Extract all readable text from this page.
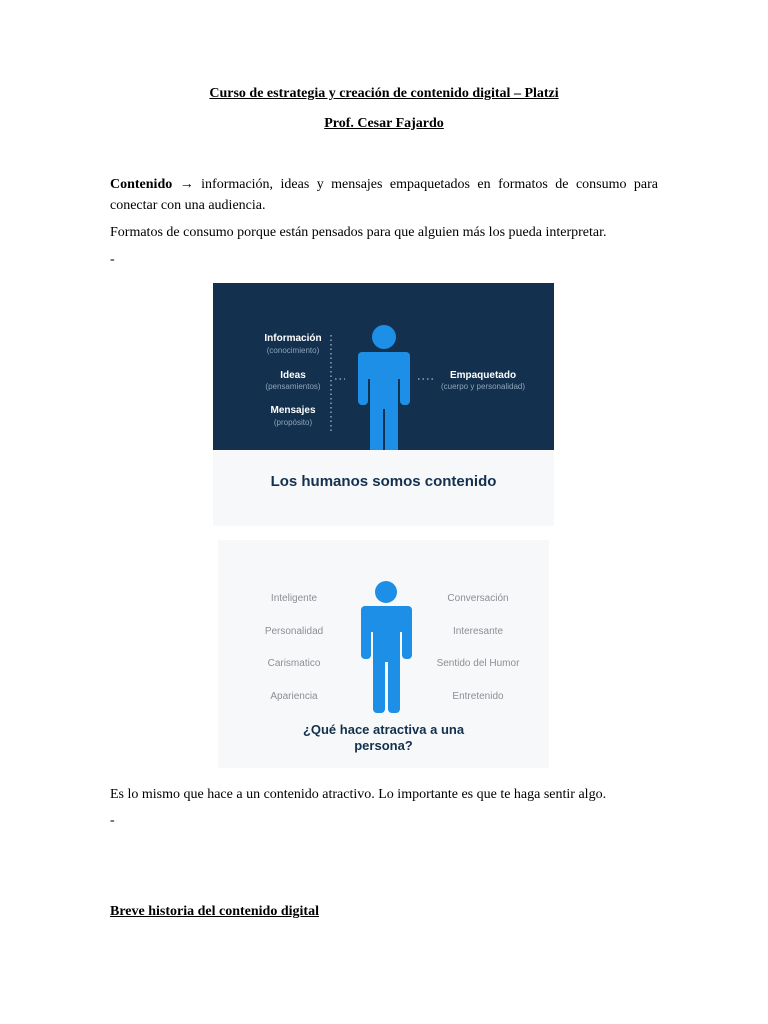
Curso de estrategia y creación de contenido digital – Platzi
Prof. Cesar Fajardo
Contenido → información, ideas y mensajes empaquetados en formatos de consumo para conectar con una audiencia.
Formatos de consumo porque están pensados para que alguien más los pueda interpretar.
-
Información
(conocimiento)
Ideas
(pensamientos)
Mensajes
(propósito)
Empaquetado
(cuerpo y personalidad)
Los humanos somos contenido
Inteligente
Personalidad
Carismatico
Apariencia
Conversación
Interesante
Sentido del Humor
Entretenido
¿Qué hace atractiva a una persona?
Es lo mismo que hace a un contenido atractivo. Lo importante es que te haga sentir algo.
-
Breve historia del contenido digital
